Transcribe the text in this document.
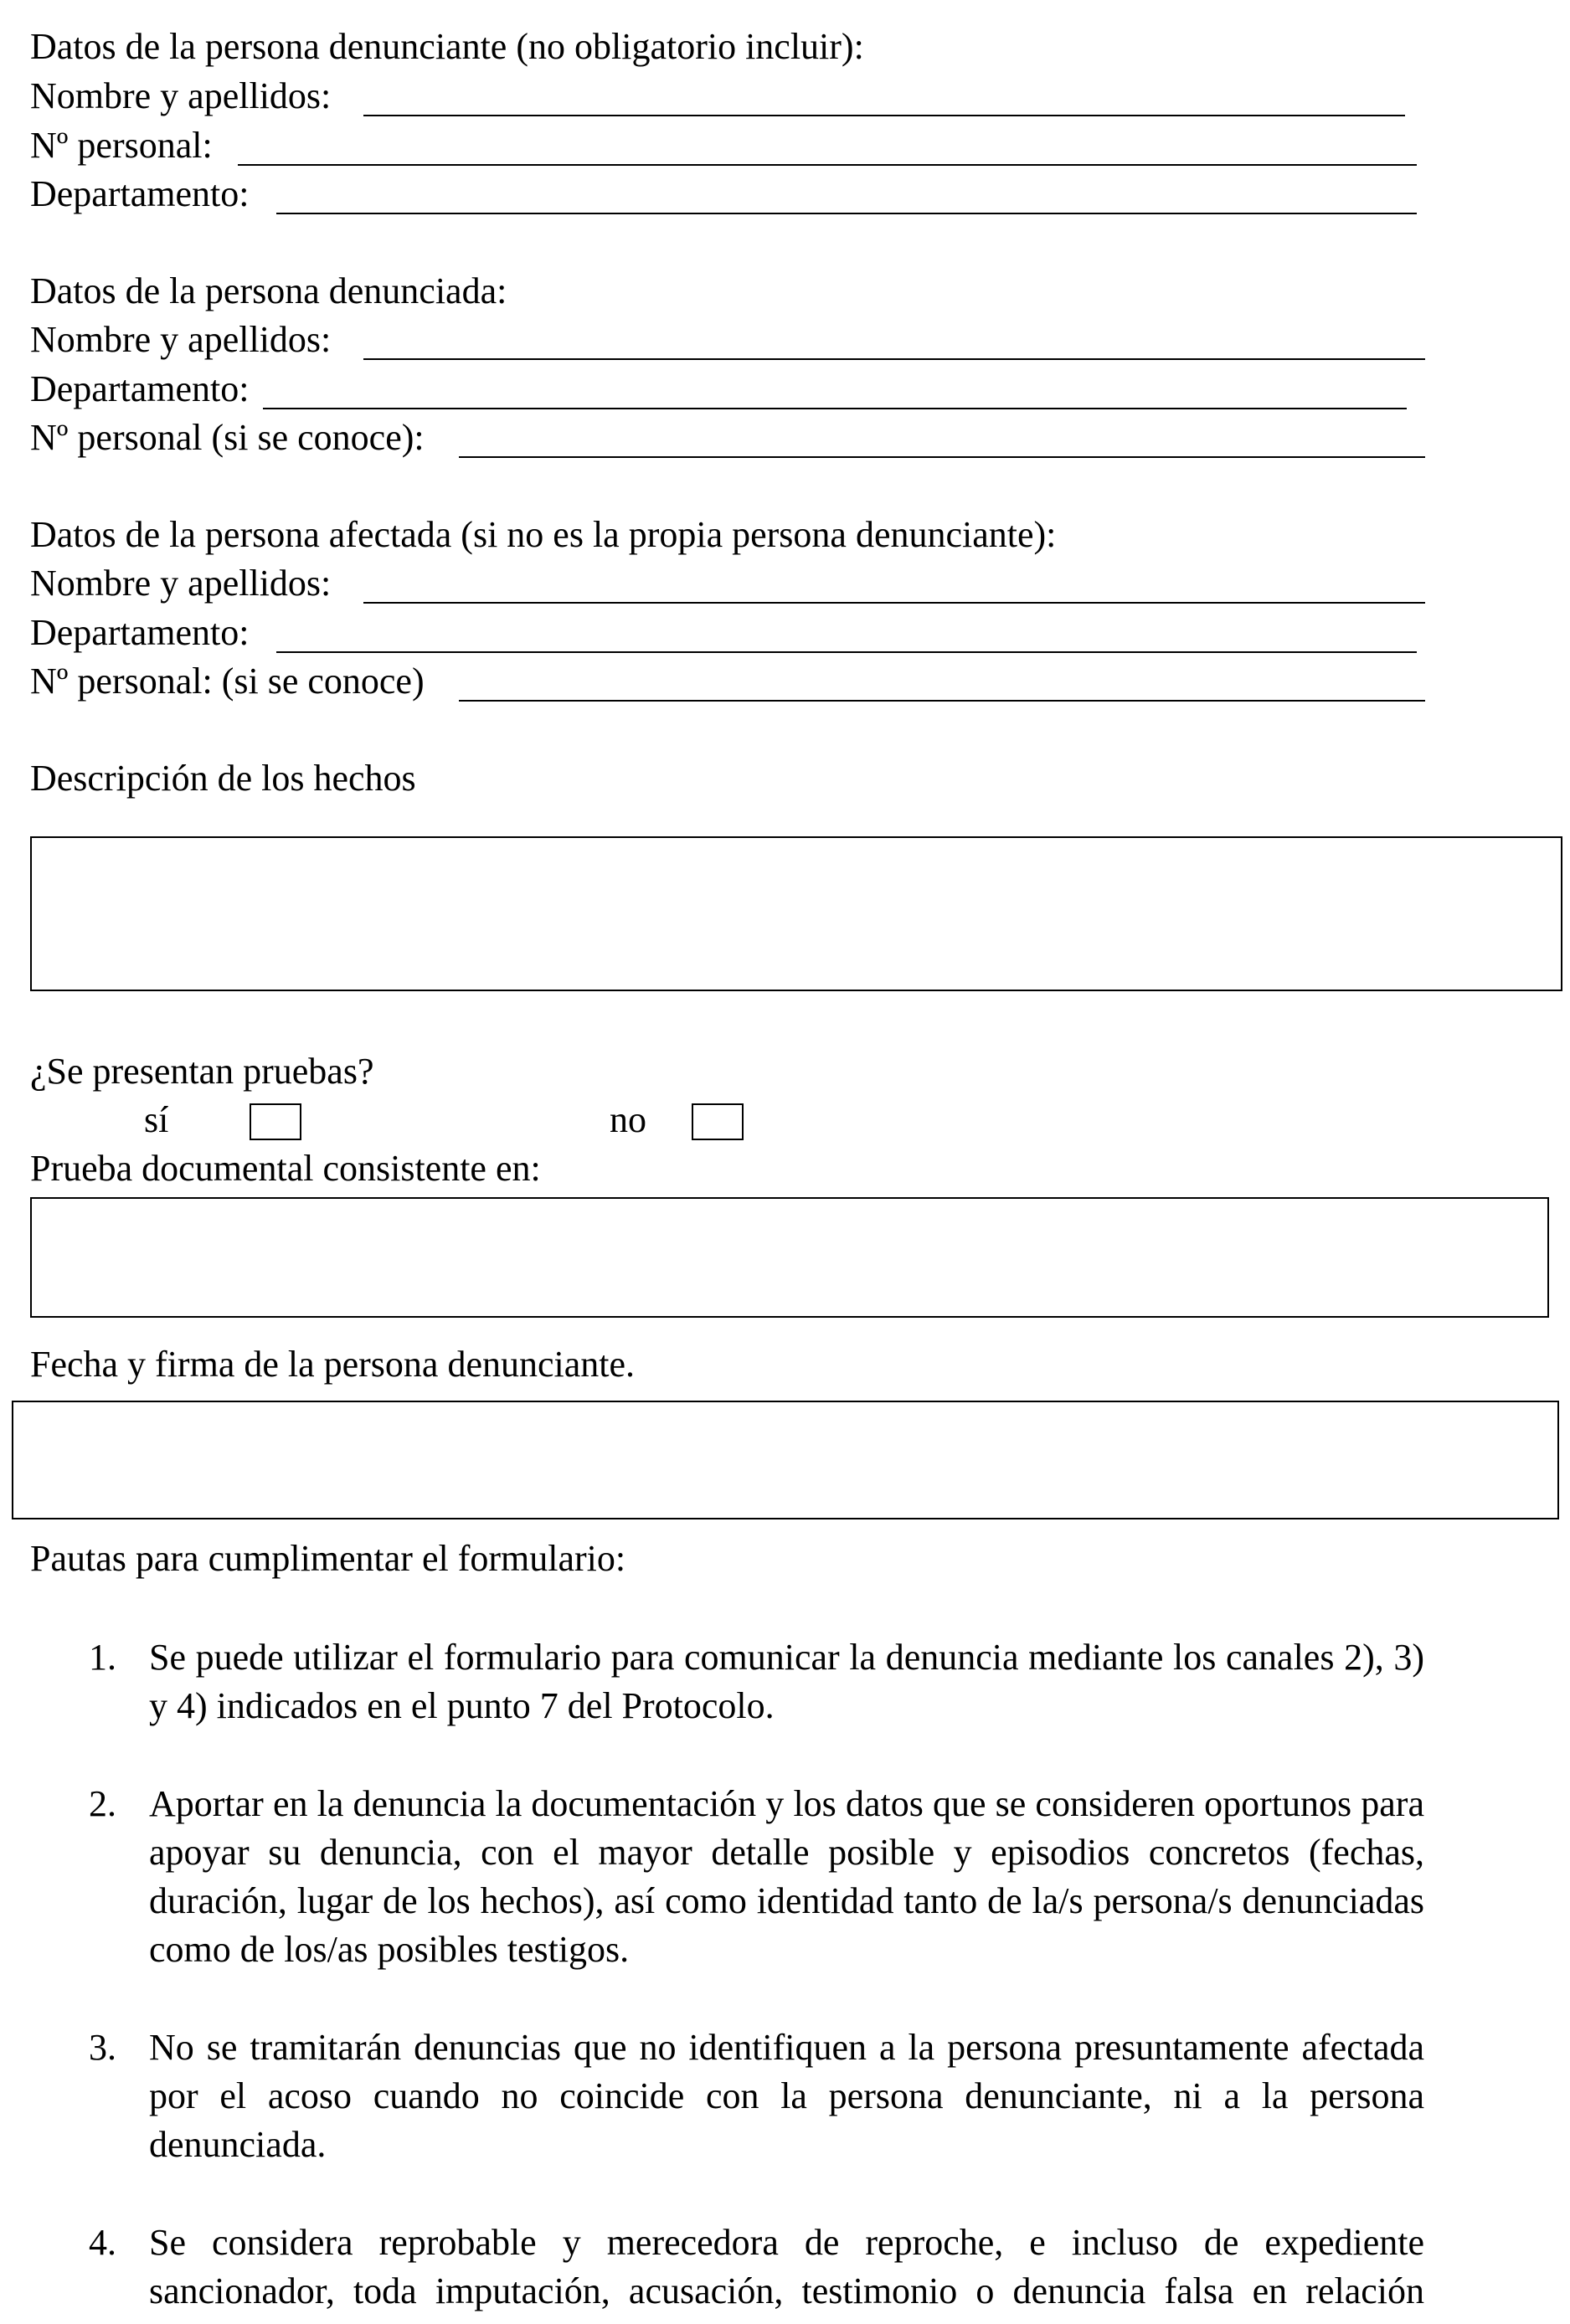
Datos de la persona denunciante (no obligatorio incluir):
Nombre y apellidos:
Nº personal:
Departamento:
Datos de la persona denunciada:
Nombre y apellidos:
Departamento:
Nº personal (si se conoce):
Datos de la persona afectada (si no es la propia persona denunciante):
Nombre y apellidos:
Departamento:
Nº personal: (si se conoce)
Descripción de los hechos
¿Se presentan pruebas?
sí	no
Prueba documental consistente en:
Fecha y firma de la persona denunciante.
Pautas para cumplimentar el formulario:
1. Se puede utilizar el formulario para comunicar la denuncia mediante los canales 2), 3) y 4) indicados en el punto 7 del Protocolo.
2. Aportar en la denuncia la documentación y los datos que se consideren oportunos para apoyar su denuncia, con el mayor detalle posible y episodios concretos (fechas, duración, lugar de los hechos), así como identidad tanto de la/s persona/s denunciadas como de los/as posibles testigos.
3. No se tramitarán denuncias que no identifiquen a la persona presuntamente afectada por el acoso cuando no coincide con la persona denunciante, ni a la persona denunciada.
4. Se considera reprobable y merecedora de reproche, e incluso de expediente sancionador, toda imputación, acusación, testimonio o denuncia falsa en relación
